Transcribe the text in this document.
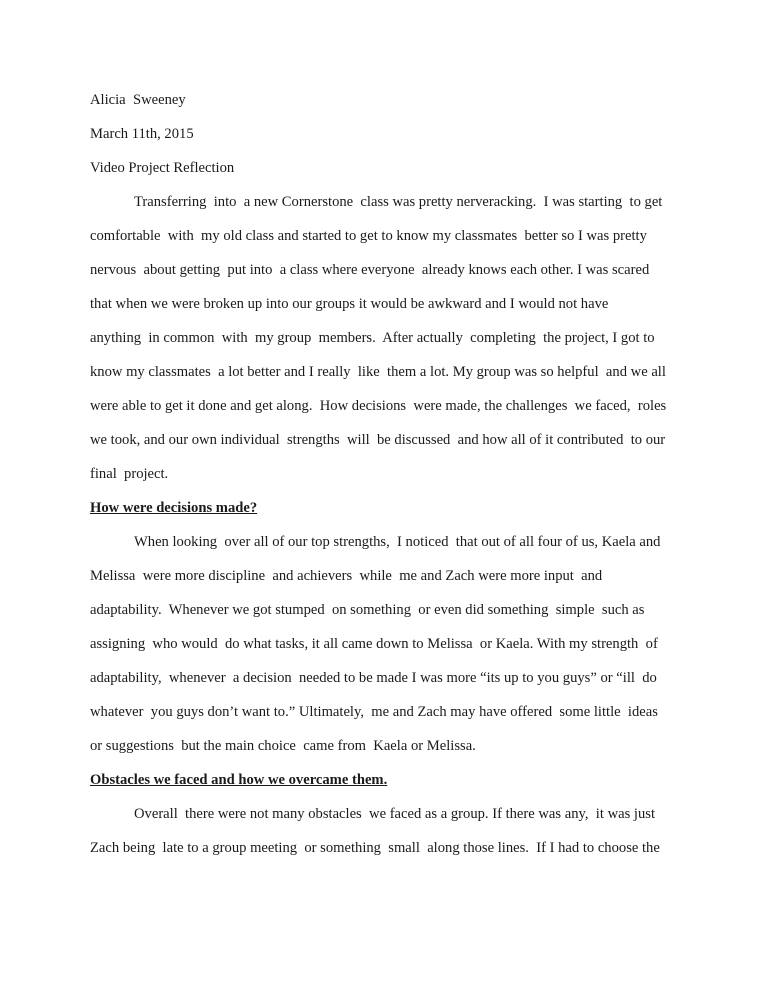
Alicia  Sweeney
March 11th, 2015
Video Project Reflection
Transferring  into  a new Cornerstone  class was pretty nerveracking.  I was starting  to get
comfortable  with  my old class and started to get to know my classmates  better so I was pretty
nervous  about getting  put into  a class where everyone  already knows each other. I was scared
that when we were broken up into our groups it would be awkward and I would not have
anything  in common  with  my group  members.  After actually  completing  the project, I got to
know my classmates  a lot better and I really  like  them a lot. My group was so helpful  and we all
were able to get it done and get along.  How decisions  were made, the challenges  we faced,  roles
we took, and our own individual  strengths  will  be discussed  and how all of it contributed  to our
final  project.
How were decisions made?
When looking  over all of our top strengths,  I noticed  that out of all four of us, Kaela and
Melissa  were more discipline  and achievers  while  me and Zach were more input  and
adaptability.  Whenever we got stumped  on something  or even did something  simple  such as
assigning  who would  do what tasks, it all came down to Melissa  or Kaela. With my strength  of
adaptability,  whenever  a decision  needed to be made I was more “its up to you guys” or “ill  do
whatever  you guys don’t want to.” Ultimately,  me and Zach may have offered  some little  ideas
or suggestions  but the main choice  came from  Kaela or Melissa.
Obstacles we faced and how we overcame them.
Overall  there were not many obstacles  we faced as a group. If there was any,  it was just
Zach being  late to a group meeting  or something  small  along those lines.  If I had to choose the
